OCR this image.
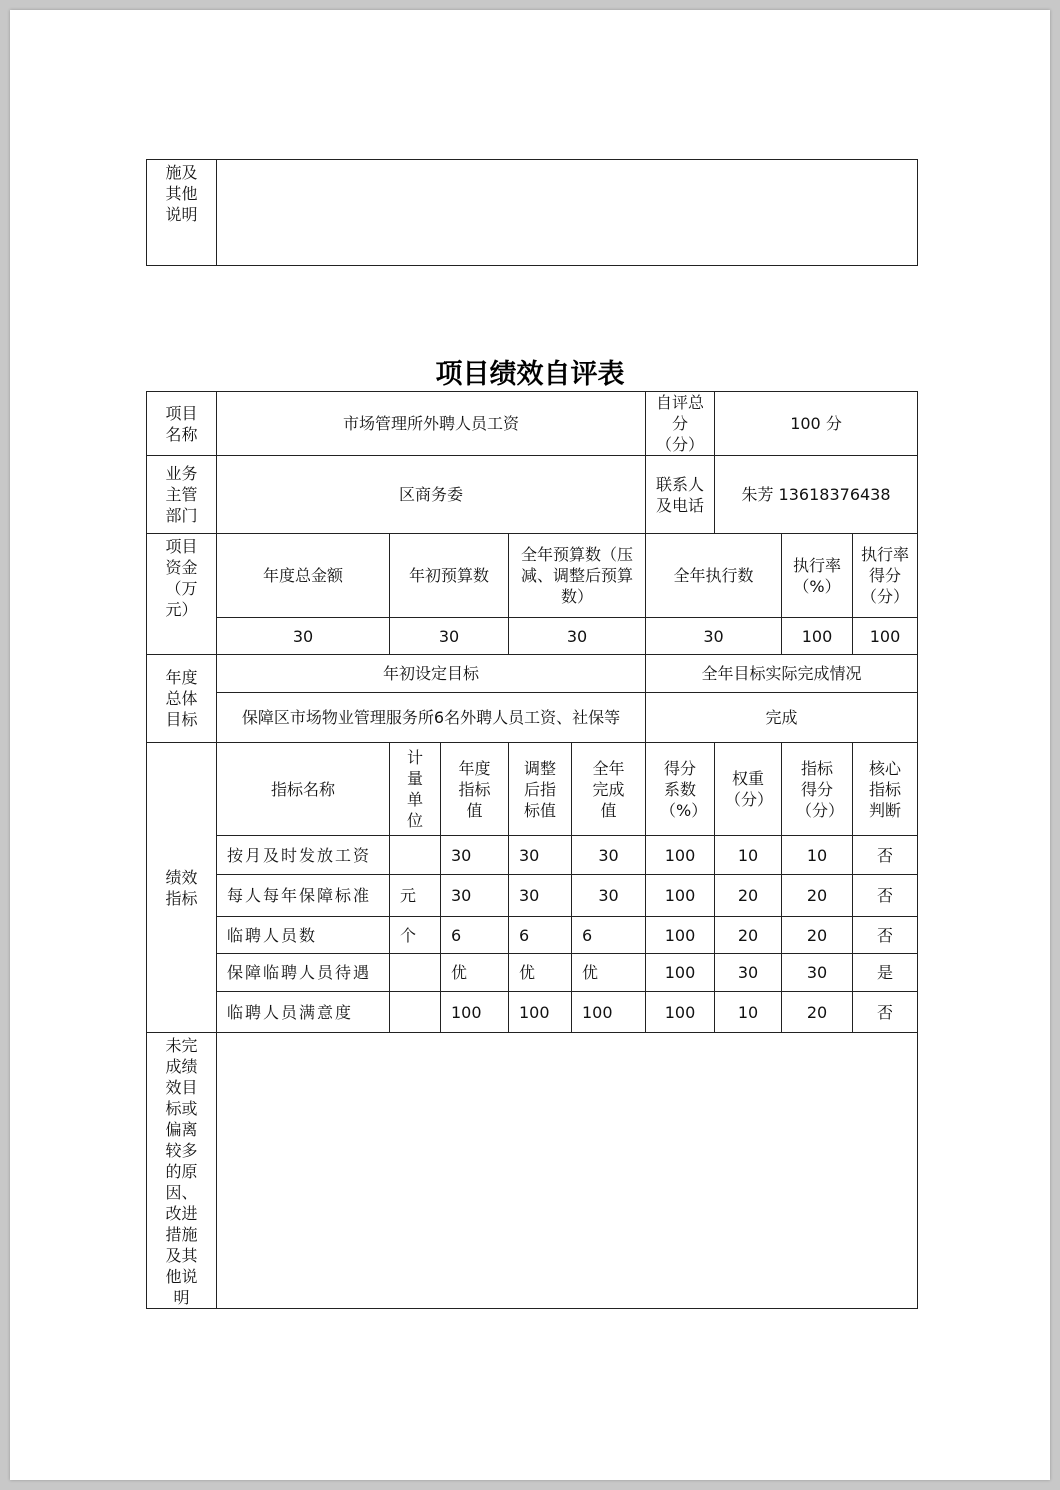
施及其他说明	
项目绩效自评表
项目名称	市场管理所外聘人员工资					自评总分（分）	100 分		
业务主管部门	区商务委					联系人及电话	朱芳 13618376438		
项目资金（万元）	年度总金额	年初预算数		全年预算数（压减、调整后预算数）		全年执行数		执行率（%）	执行率得分（分）
	30	30		30		30		100	100
年度总体目标	年初设定目标					全年目标实际完成情况			
	保障区市场物业管理服务所6名外聘人员工资、社保等					完成			
绩效指标	指标名称	计量单位	年度指标值	调整后指标值	全年完成值	得分系数（%）	权重（分）	指标得分（分）	核心指标判断
	按月及时发放工资		30	30	30	100	10	10	否
	每人每年保障标准	元	30	30	30	100	20	20	否
	临聘人员数	个	6	6	6	100	20	20	否
	保障临聘人员待遇		优	优	优	100	30	30	是
	临聘人员满意度		100	100	100	100	10	20	否
未完成绩效目标或偏离较多的原因、改进措施及其他说明									
